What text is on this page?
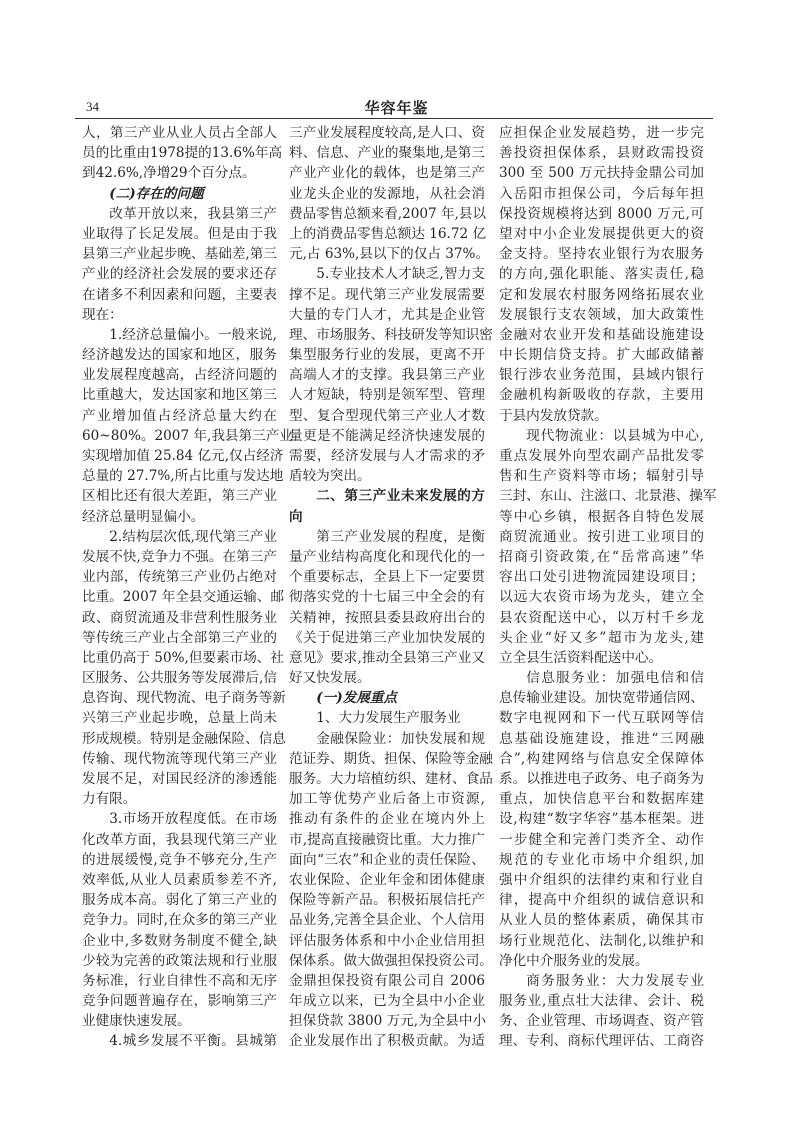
34	华容年鉴
人，第三产业从业人员占全部人
员的比重由1978提的13.6%年高
到42.6%,净增29个百分点。
(二)存在的问题
改革开放以来，我县第三产
业取得了长足发展。但是由于我
县第三产业起步晚、基础差,第三
产业的经济社会发展的要求还存
在诸多不利因素和问题，主要表
现在：
1.经济总量偏小。一般来说,
经济越发达的国家和地区，服务
业发展程度越高，占经济问题的
比重越大，发达国家和地区第三
产业增加值占经济总量大约在
60~80%。2007 年,我县第三产业
实现增加值 25.84 亿元,仅占经济
总量的 27.7%,所占比重与发达地
区相比还有很大差距，第三产业
经济总量明显偏小。
2.结构层次低,现代第三产业
发展不快,竞争力不强。在第三产
业内部，传统第三产业仍占绝对
比重。2007 年全县交通运输、邮
政、商贸流通及非营利性服务业
等传统三产业占全部第三产业的
比重仍高于 50%,但要素市场、社
区服务、公共服务等发展滞后,信
息咨询、现代物流、电子商务等新
兴第三产业起步晚，总量上尚未
形成规模。特别是金融保险、信息
传输、现代物流等现代第三产业
发展不足，对国民经济的渗透能
力有限。
3.市场开放程度低。在市场
化改革方面，我县现代第三产业
的进展缓慢,竞争不够充分,生产
效率低,从业人员素质参差不齐,
服务成本高。弱化了第三产业的
竞争力。同时,在众多的第三产业
企业中,多数财务制度不健全,缺
少较为完善的政策法规和行业服
务标准，行业自律性不高和无序
竞争问题普遍存在，影响第三产
业健康快速发展。
4.城乡发展不平衡。县城第
三产业发展程度较高,是人口、资
料、信息、产业的聚集地,是第三
产业产业化的载体，也是第三产
业龙头企业的发源地，从社会消
费品零售总额来看,2007 年,县以
上的消费品零售总额达 16.72 亿
元,占 63%,县以下的仅占 37%。
5.专业技术人才缺乏,智力支
撑不足。现代第三产业发展需要
大量的专门人才，尤其是企业管
理、市场服务、科技研发等知识密
集型服务行业的发展，更离不开
高端人才的支撑。我县第三产业
人才短缺，特别是领军型、管理
型、复合型现代第三产业人才数
量更是不能满足经济快速发展的
需要，经济发展与人才需求的矛
盾较为突出。
二、第三产业未来发展的方
向
第三产业发展的程度，是衡
量产业结构高度化和现代化的一
个重要标志，全县上下一定要贯
彻落实党的十七届三中全会的有
关精神，按照县委县政府出台的
《关于促进第三产业加快发展的
意见》要求,推动全县第三产业又
好又快发展。
(一)发展重点
1、大力发展生产服务业
金融保险业：加快发展和规
范证券、期货、担保、保险等金融
服务。大力培植纺织、建材、食品
加工等优势产业后备上市资源,
推动有条件的企业在境内外上
市,提高直接融资比重。大力推广
面向“三农”和企业的责任保险、
农业保险、企业年金和团体健康
保险等新产品。积极拓展信托产
品业务,完善全县企业、个人信用
评估服务体系和中小企业信用担
保体系。做大做强担保投资公司。
金鼎担保投资有限公司自 2006
年成立以来，已为全县中小企业
担保贷款 3800 万元,为全县中小
企业发展作出了积极贡献。为适
应担保企业发展趋势，进一步完
善投资担保体系，县财政需投资
300 至 500 万元扶持金鼎公司加
入岳阳市担保公司，今后每年担
保投资规模将达到 8000 万元,可
望对中小企业发展提供更大的资
金支持。坚持农业银行为农服务
的方向,强化职能、落实责任,稳
定和发展农村服务网络拓展农业
发展银行支农领域，加大政策性
金融对农业开发和基础设施建设
中长期信贷支持。扩大邮政储蓄
银行涉农业务范围，县域内银行
金融机构新吸收的存款，主要用
于县内发放贷款。
现代物流业：以县城为中心,
重点发展外向型农副产品批发零
售和生产资料等市场；辐射引导
三封、东山、注滋口、北景港、操军
等中心乡镇，根据各自特色发展
商贸流通业。按引进工业项目的
招商引资政策,在“岳常高速”华
容出口处引进物流园建设项目；
以远大农资市场为龙头，建立全
县农资配送中心，以万村千乡龙
头企业“好又多”超市为龙头,建
立全县生活资料配送中心。
信息服务业：加强电信和信
息传输业建设。加快宽带通信网、
数字电视网和下一代互联网等信
息基础设施建设，推进“三网融
合”,构建网络与信息安全保障体
系。以推进电子政务、电子商务为
重点，加快信息平台和数据库建
设,构建“数字华容”基本框架。进
一步健全和完善门类齐全、动作
规范的专业化市场中介组织,加
强中介组织的法律约束和行业自
律，提高中介组织的诚信意识和
从业人员的整体素质，确保其市
场行业规范化、法制化,以维护和
净化中介服务业的发展。
商务服务业：大力发展专业
服务业,重点壮大法律、会计、税
务、企业管理、市场调查、资产管
理、专利、商标代理评估、工商咨
